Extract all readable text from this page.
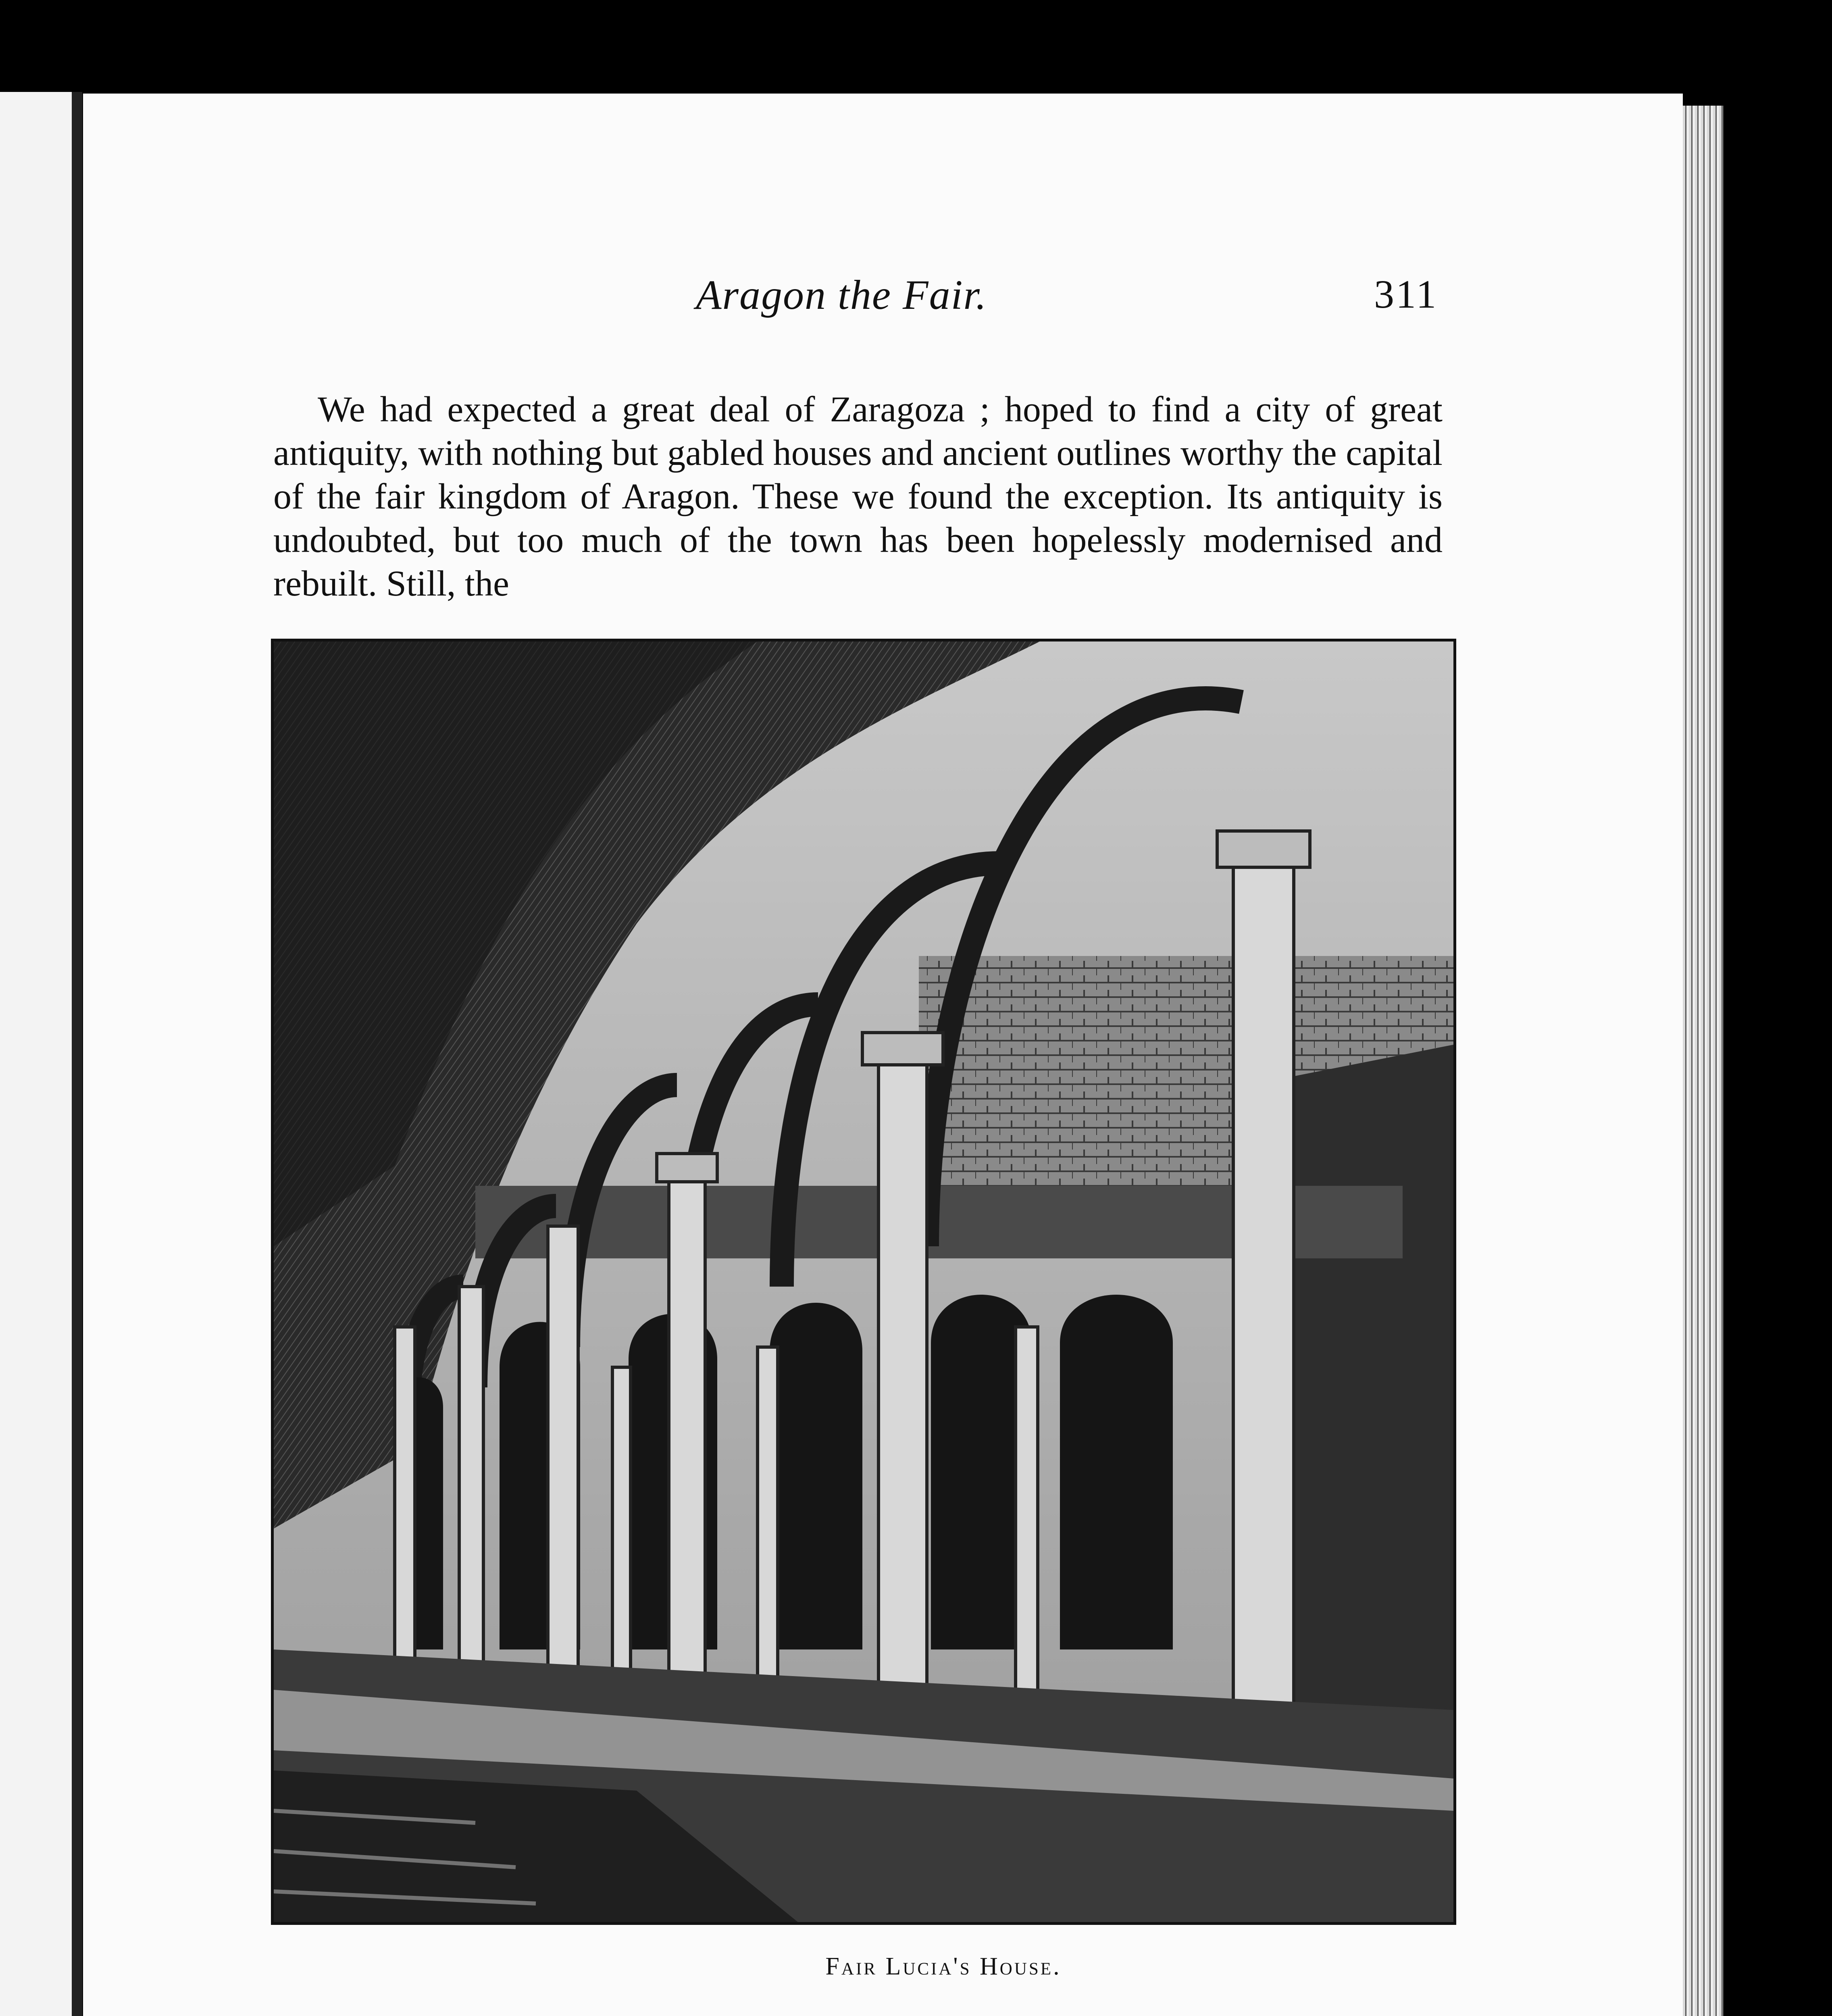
Aragon the Fair.	311

We had expected a great deal of Zaragoza ; hoped to find a city of great antiquity, with nothing but gabled houses and ancient outlines worthy the capital of the fair kingdom of Aragon. These we found the exception. Its antiquity is undoubted, but too much of the town has been hopelessly modernised and rebuilt. Still, the

Fair Lucia's House.
